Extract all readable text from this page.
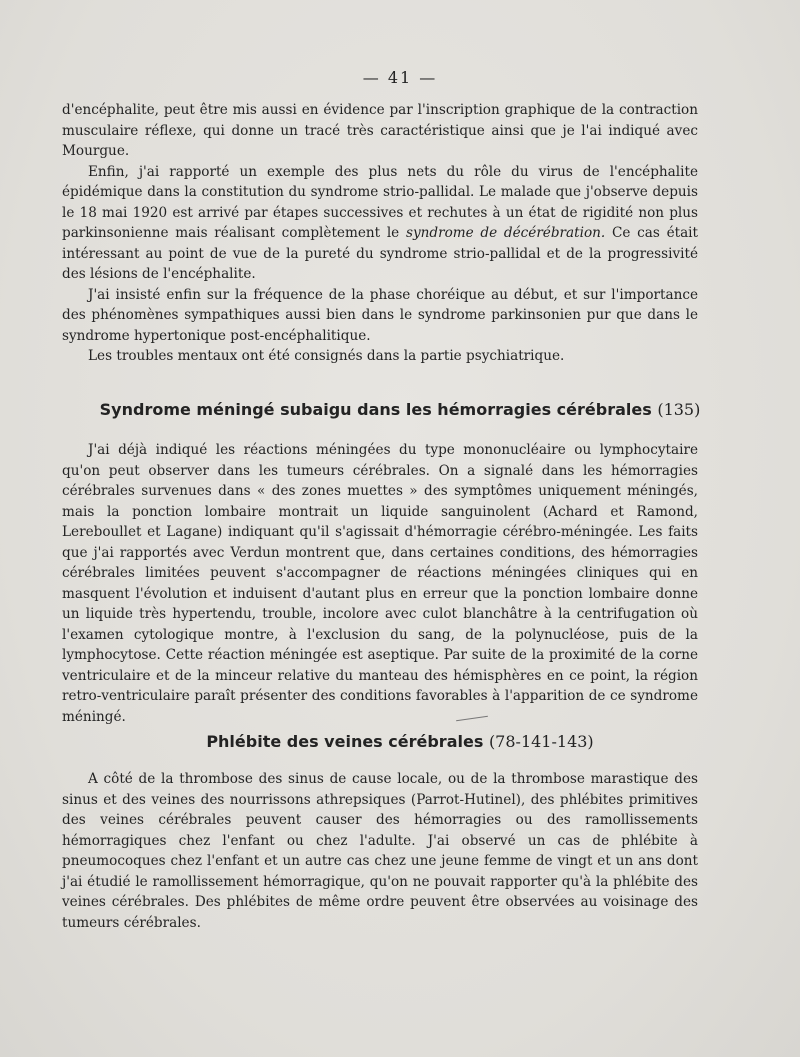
— 41 —

d'encéphalite, peut être mis aussi en évidence par l'inscription graphique de la contraction musculaire réflexe, qui donne un tracé très caractéristique ainsi que je l'ai indiqué avec Mourgue.

Enfin, j'ai rapporté un exemple des plus nets du rôle du virus de l'encéphalite épidémique dans la constitution du syndrome strio-pallidal. Le malade que j'observe depuis le 18 mai 1920 est arrivé par étapes successives et rechutes à un état de rigidité non plus parkinsonienne mais réalisant complètement le syndrome de décérébration. Ce cas était intéressant au point de vue de la pureté du syndrome strio-pallidal et de la progressivité des lésions de l'encéphalite.

J'ai insisté enfin sur la fréquence de la phase choréique au début, et sur l'importance des phénomènes sympathiques aussi bien dans le syndrome parkinsonien pur que dans le syndrome hypertonique post-encéphalitique.

Les troubles mentaux ont été consignés dans la partie psychiatrique.

Syndrome méningé subaigu dans les hémorragies cérébrales (135)

J'ai déjà indiqué les réactions méningées du type mononucléaire ou lymphocytaire qu'on peut observer dans les tumeurs cérébrales. On a signalé dans les hémorragies cérébrales survenues dans « des zones muettes » des symptômes uniquement méningés, mais la ponction lombaire montrait un liquide sanguinolent (Achard et Ramond, Lereboullet et Lagane) indiquant qu'il s'agissait d'hémorragie cérébro-méningée. Les faits que j'ai rapportés avec Verdun montrent que, dans certaines conditions, des hémorragies cérébrales limitées peuvent s'accompagner de réactions méningées cliniques qui en masquent l'évolution et induisent d'autant plus en erreur que la ponction lombaire donne un liquide très hypertendu, trouble, incolore avec culot blanchâtre à la centrifugation où l'examen cytologique montre, à l'exclusion du sang, de la polynucléose, puis de la lymphocytose. Cette réaction méningée est aseptique. Par suite de la proximité de la corne ventriculaire et de la minceur relative du manteau des hémisphères en ce point, la région retro-ventriculaire paraît présenter des conditions favorables à l'apparition de ce syndrome méningé.

Phlébite des veines cérébrales (78-141-143)

A côté de la thrombose des sinus de cause locale, ou de la thrombose marastique des sinus et des veines des nourrissons athrepsiques (Parrot-Hutinel), des phlébites primitives des veines cérébrales peuvent causer des hémorragies ou des ramollissements hémorragiques chez l'enfant ou chez l'adulte. J'ai observé un cas de phlébite à pneumocoques chez l'enfant et un autre cas chez une jeune femme de vingt et un ans dont j'ai étudié le ramollissement hémorragique, qu'on ne pouvait rapporter qu'à la phlébite des veines cérébrales. Des phlébites de même ordre peuvent être observées au voisinage des tumeurs cérébrales.
